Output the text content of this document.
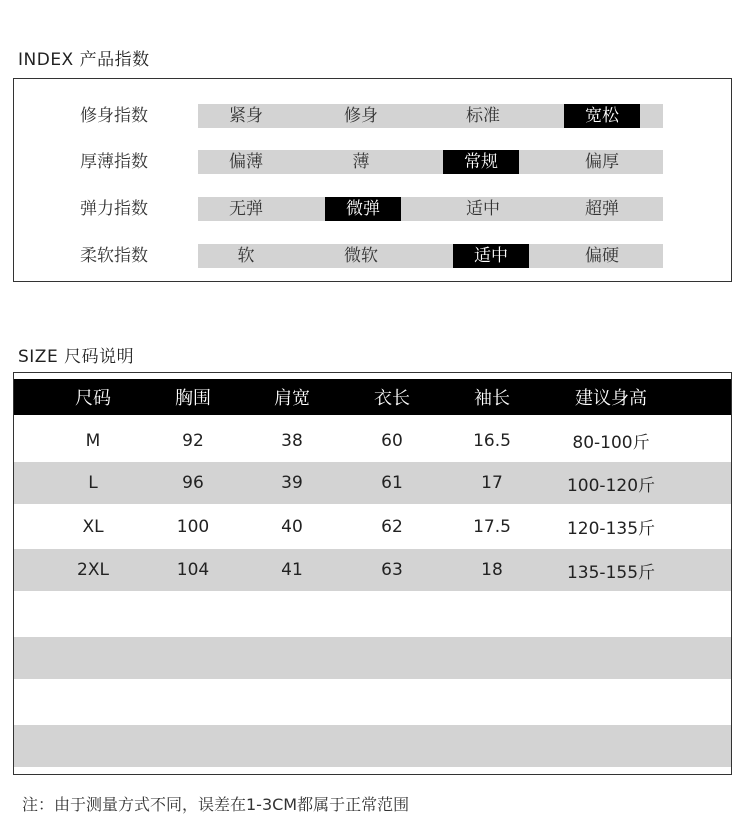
INDEX 产品指数
修身指数	紧身	修身	标准	宽松
厚薄指数	偏薄	薄	常规	偏厚
弹力指数	无弹	微弹	适中	超弹
柔软指数	软	微软	适中	偏硬
SIZE 尺码说明
尺码	胸围	肩宽	衣长	袖长	建议身高
M	92	38	60	16.5	80-100斤
L	96	39	61	17	100-120斤
XL	100	40	62	17.5	120-135斤
2XL	104	41	63	18	135-155斤
注：由于测量方式不同，误差在1-3CM都属于正常范围
